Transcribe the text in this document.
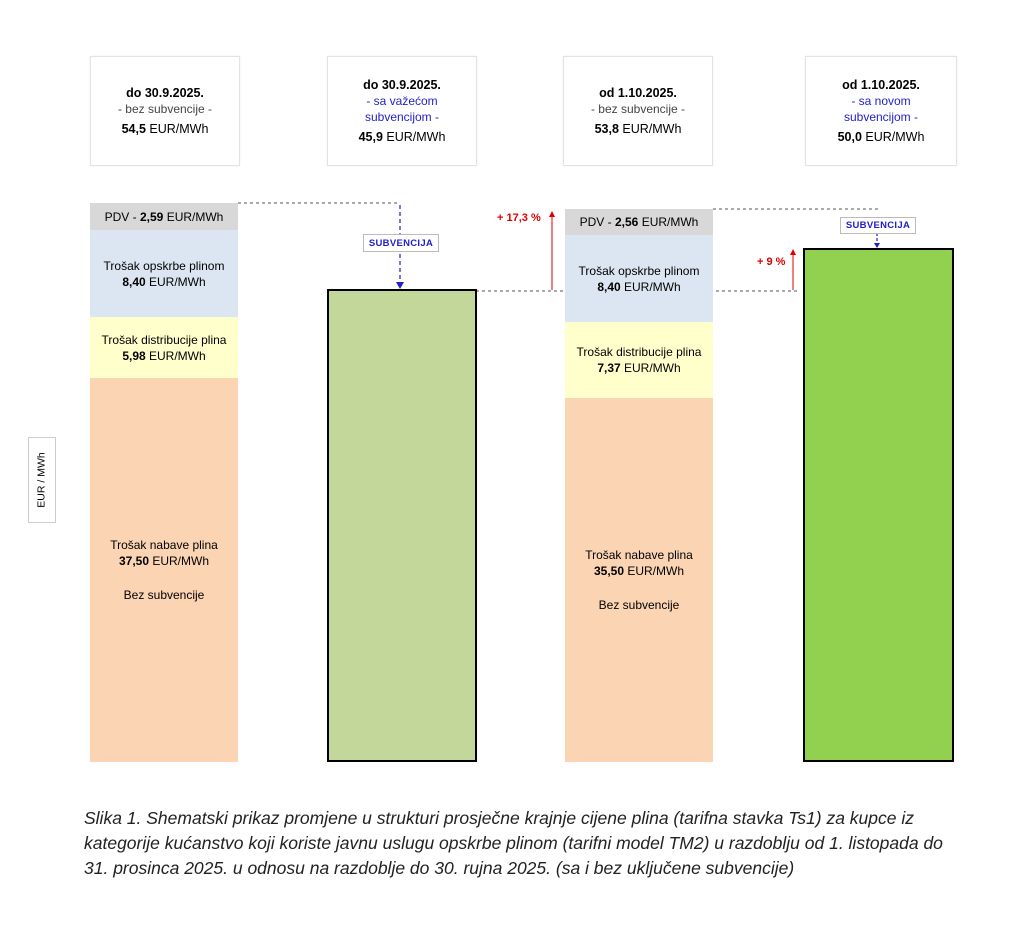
do 30.9.2025.
- bez subvencije -
54,5 EUR/MWh
do 30.9.2025.
- sa važećom
subvencijom -
45,9 EUR/MWh
od 1.10.2025.
- bez subvencije -
53,8 EUR/MWh
od 1.10.2025.
- sa novom
subvencijom -
50,0 EUR/MWh
EUR / MWh
PDV -
2,59
EUR/MWh
Trošak opskrbe plinom
8,40 EUR/MWh
Trošak distribucije plina
5,98 EUR/MWh
Trošak nabave plina
37,50 EUR/MWh
Bez subvencije
SUBVENCIJA
PDV -
2,56
EUR/MWh
Trošak opskrbe plinom
8,40 EUR/MWh
Trošak distribucije plina
7,37 EUR/MWh
Trošak nabave plina
35,50 EUR/MWh
Bez subvencije
SUBVENCIJA
+ 17,3 %
+ 9 %
Slika 1. Shematski prikaz promjene u strukturi prosječne krajnje cijene plina (tarifna stavka Ts1) za kupce iz kategorije kućanstvo koji koriste javnu uslugu opskrbe plinom (tarifni model TM2) u razdoblju od 1. listopada do 31. prosinca 2025. u odnosu na razdoblje do 30. rujna 2025. (sa i bez uključene subvencije)
